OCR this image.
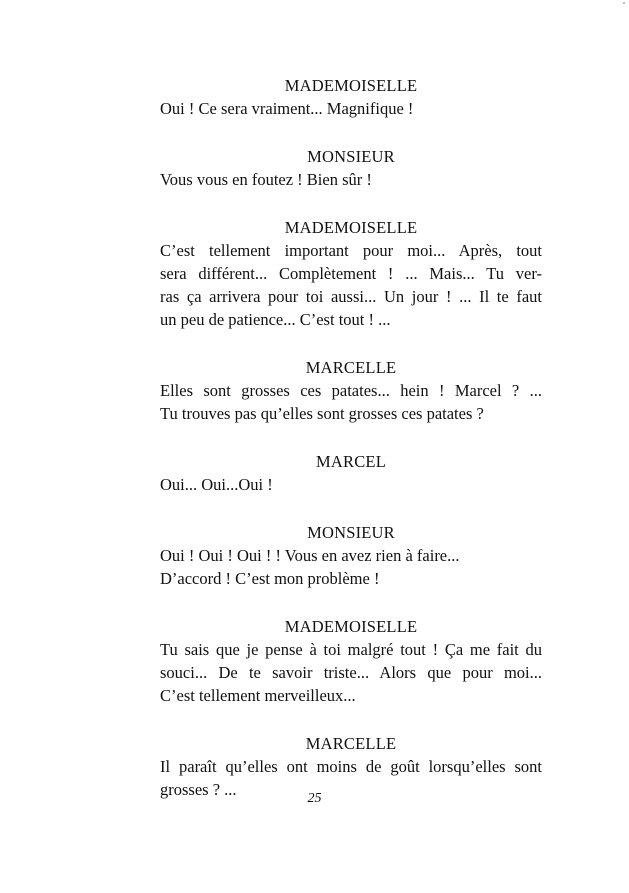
MADEMOISELLE
Oui ! Ce sera vraiment... Magnifique !
MONSIEUR
Vous vous en foutez ! Bien sûr !
MADEMOISELLE
C’est tellement important pour moi... Après, tout
sera différent... Complètement ! ... Mais... Tu ver-
ras ça arrivera pour toi aussi... Un jour ! ... Il te faut
un peu de patience... C’est tout ! ...
MARCELLE
Elles sont grosses ces patates... hein ! Marcel ? ...
Tu trouves pas qu’elles sont grosses ces patates ?
MARCEL
Oui... Oui...Oui !
MONSIEUR
Oui ! Oui ! Oui ! ! Vous en avez rien à faire...
D’accord ! C’est mon problème !
MADEMOISELLE
Tu sais que je pense à toi malgré tout ! Ça me fait du
souci... De te savoir triste... Alors que pour moi...
C’est tellement merveilleux...
MARCELLE
Il paraît qu’elles ont moins de goût lorsqu’elles sont
grosses ? ...	25
